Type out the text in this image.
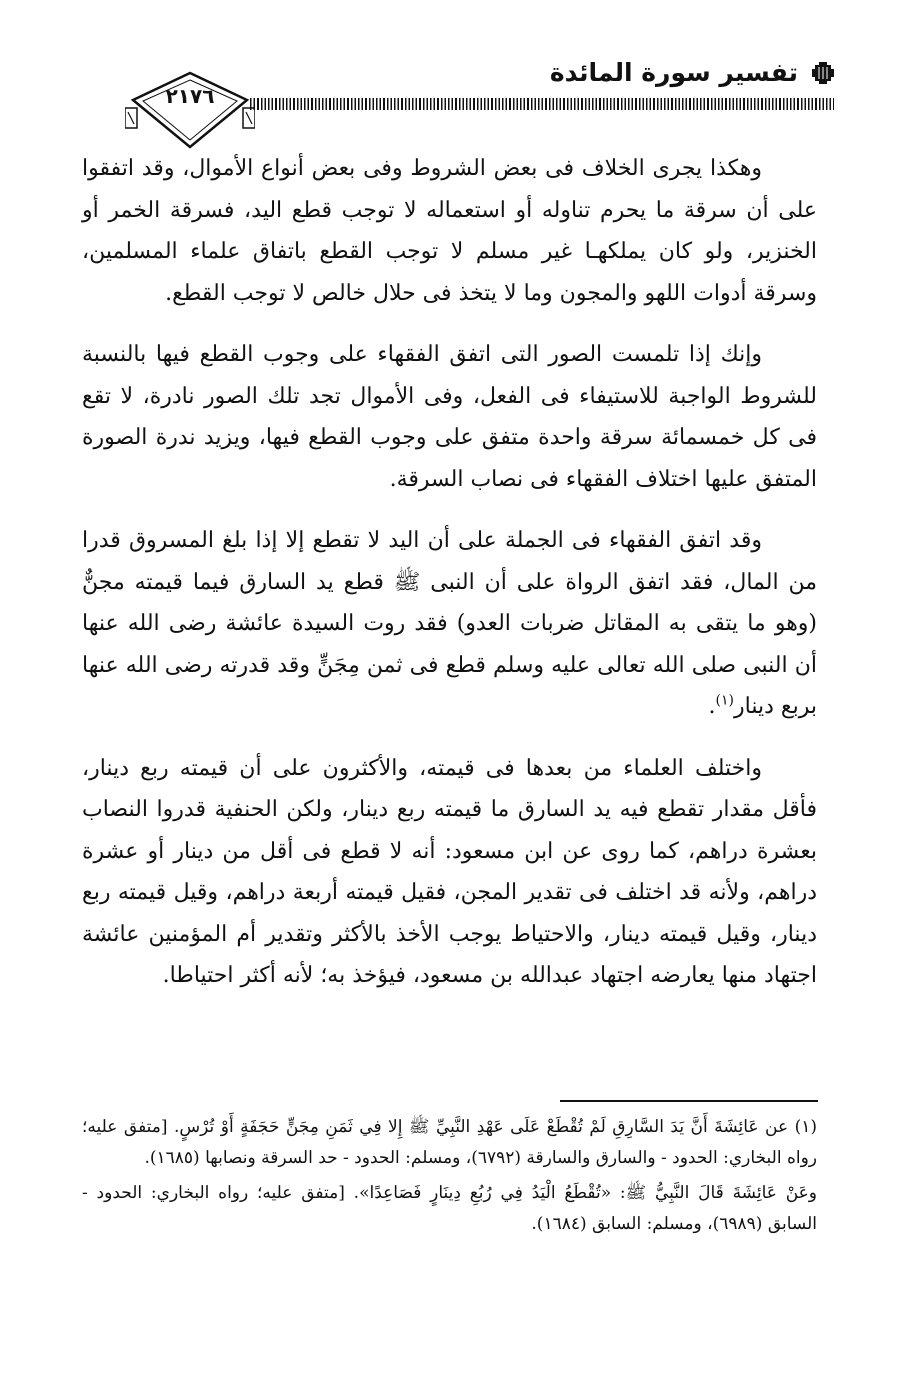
تفسير سورة المائدة
٢١٧٦

وهكذا يجرى الخلاف فى بعض الشروط وفى بعض أنواع الأموال، وقد اتفقوا على أن سرقة ما يحرم تناوله أو استعماله لا توجب قطع اليد، فسرقة الخمر أو الخنزير، ولو كان يملكهـا غير مسلم لا توجب القطع باتفاق علماء المسلمين، وسرقة أدوات اللهو والمجون وما لا يتخذ فى حلال خالص لا توجب القطع.

وإنك إذا تلمست الصور التى اتفق الفقهاء على وجوب القطع فيها بالنسبة للشروط الواجبة للاستيفاء فى الفعل، وفى الأموال تجد تلك الصور نادرة، لا تقع فى كل خمسمائة سرقة واحدة متفق على وجوب القطع فيها، ويزيد ندرة الصورة المتفق عليها اختلاف الفقهاء فى نصاب السرقة.

وقد اتفق الفقهاء فى الجملة على أن اليد لا تقطع إلا إذا بلغ المسروق قدرا من المال، فقد اتفق الرواة على أن النبى ﷺ قطع يد السارق فيما قيمته مجنٌّ (وهو ما يتقى به المقاتل ضربات العدو) فقد روت السيدة عائشة رضى الله عنها أن النبى صلى الله تعالى عليه وسلم قطع فى ثمن مِجَنٍّ وقد قدرته رضى الله عنها بربع دينار$^{(١)}$.

واختلف العلماء من بعدها فى قيمته، والأكثرون على أن قيمته ربع دينار، فأقل مقدار تقطع فيه يد السارق ما قيمته ربع دينار، ولكن الحنفية قدروا النصاب بعشرة دراهم، كما روى عن ابن مسعود: أنه لا قطع فى أقل من دينار أو عشرة دراهم، ولأنه قد اختلف فى تقدير المجن، فقيل قيمته أربعة دراهم، وقيل قيمته ربع دينار، وقيل قيمته دينار، والاحتياط يوجب الأخذ بالأكثر وتقدير أم المؤمنين عائشة اجتهاد منها يعارضه اجتهاد عبدالله بن مسعود، فيؤخذ به؛ لأنه أكثر احتياطا.

(١) عن عَائِشَةَ أَنَّ يَدَ السَّارِقِ لَمْ تُقْطَعْ عَلَى عَهْدِ النَّبِيِّ ﷺ إِلا فِي ثَمَنِ مِجَنٍّ حَجَفَةٍ أَوْ تُرْسٍ. [متفق عليه؛ رواه البخاري: الحدود - والسارق والسارقة (٦٧٩٢)، ومسلم: الحدود - حد السرقة ونصابها (١٦٨٥).

وعَنْ عَائِشَةَ قَالَ النَّبِيُّ ﷺ: «تُقْطَعُ الْيَدُ فِي رُبُعِ دِينَارٍ فَصَاعِدًا». [متفق عليه؛ رواه البخاري: الحدود - السابق (٦٩٨٩)، ومسلم: السابق (١٦٨٤).
